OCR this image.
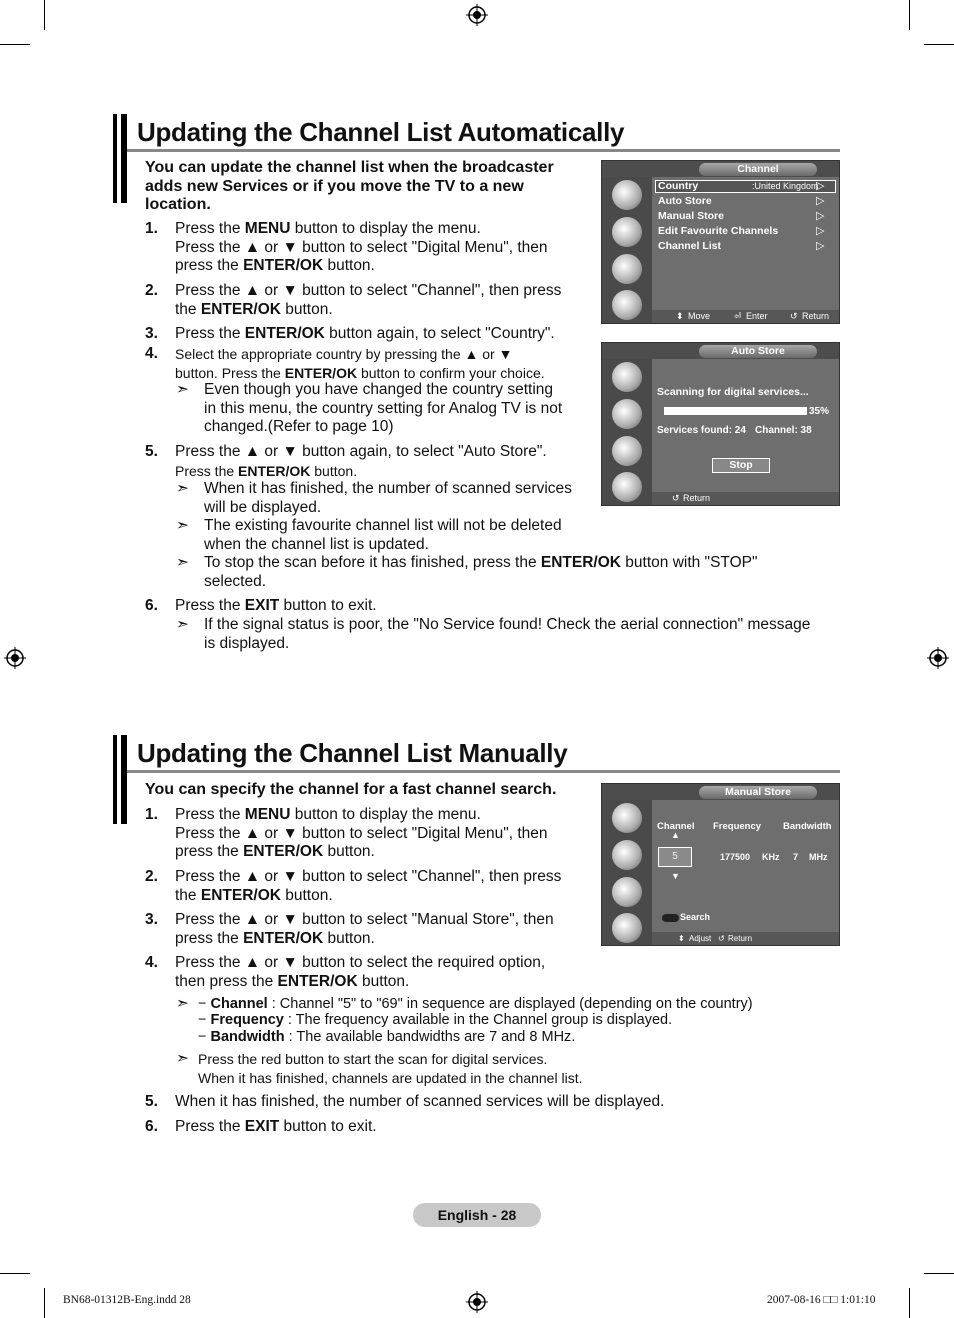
Updating the Channel List Automatically
You can update the channel list when the broadcaster
adds new Services or if you move the TV to a new
location.
1. Press the MENU button to display the menu.
Press the ▲ or ▼ button to select "Digital Menu", then
press the ENTER/OK button.
2. Press the ▲ or ▼ button to select "Channel", then press
the ENTER/OK button.
3. Press the ENTER/OK button again, to select "Country".
4. Select the appropriate country by pressing the ▲ or ▼
button. Press the ENTER/OK button to confirm your choice.
➣ Even though you have changed the country setting
in this menu, the country setting for Analog TV is not
changed.(Refer to page 10)
5. Press the ▲ or ▼ button again, to select "Auto Store".
Press the ENTER/OK button.
➣ When it has finished, the number of scanned services
will be displayed.
➣ The existing favourite channel list will not be deleted
when the channel list is updated.
➣ To stop the scan before it has finished, press the ENTER/OK button with "STOP"
selected.
6. Press the EXIT button to exit.
➣ If the signal status is poor, the "No Service found! Check the aerial connection" message
is displayed.
Channel
Country	:United Kingdom
▷
Auto Store	▷
Manual Store	▷
Edit Favourite Channels	▷
Channel List	▷
⬍ Move	⏎ Enter ↺ Return
Auto Store
Scanning for digital services...
35%
Services found: 24 Channel: 38
Stop
↺ Return
Updating the Channel List Manually
You can specify the channel for a fast channel search.
1. Press the MENU button to display the menu.
Press the ▲ or ▼ button to select "Digital Menu", then
press the ENTER/OK button.
2. Press the ▲ or ▼ button to select "Channel", then press
the ENTER/OK button.
3. Press the ▲ or ▼ button to select "Manual Store", then
press the ENTER/OK button.
4. Press the ▲ or ▼ button to select the required option,
then press the ENTER/OK button.
➣ − Channel : Channel "5" to "69" in sequence are displayed (depending on the country)
− Frequency : The frequency available in the Channel group is displayed.
− Bandwidth : The available bandwidths are 7 and 8 MHz.
➣ Press the red button to start the scan for digital services.
When it has finished, channels are updated in the channel list.
5. When it has finished, the number of scanned services will be displayed.
6. Press the EXIT button to exit.
Manual Store
Channel Frequency Bandwidth
▲
5
▼
177500 KHz 7 MHz
Search
⬍ Adjust ↺ Return
English - 28
BN68-01312B-Eng.indd 28	2007-08-16 □□ 1:01:10
